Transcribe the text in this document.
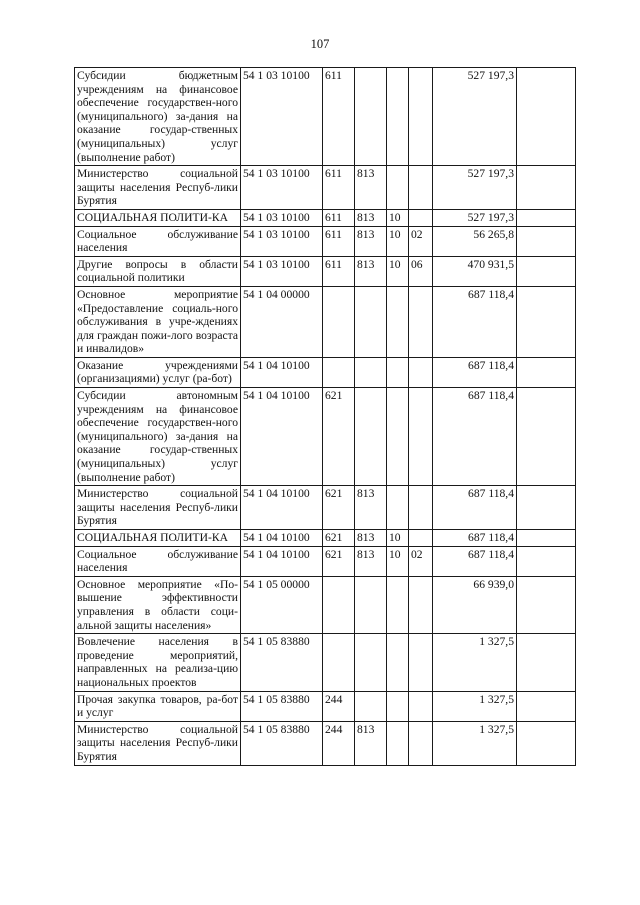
107
Субсидии бюджетным учреждениям на финансовое обеспечение государствен-ного (муниципального) за-дания на оказание государ-ственных (муниципальных) услуг (выполнение работ)	54 1 03 10100	611				527 197,3	
Министерство социальной защиты населения Респуб-лики Бурятия	54 1 03 10100	611	813			527 197,3	
СОЦИАЛЬНАЯ ПОЛИТИ-КА	54 1 03 10100	611	813	10		527 197,3	
Социальное обслуживание населения	54 1 03 10100	611	813	10	02	56 265,8	
Другие вопросы в области социальной политики	54 1 03 10100	611	813	10	06	470 931,5	
Основное мероприятие «Предоставление социаль-ного обслуживания в учре-ждениях для граждан пожи-лого возраста и инвалидов»	54 1 04 00000					687 118,4	
Оказание учреждениями (организациями) услуг (ра-бот)	54 1 04 10100					687 118,4	
Субсидии автономным учреждениям на финансовое обеспечение государствен-ного (муниципального) за-дания на оказание государ-ственных (муниципальных) услуг (выполнение работ)	54 1 04 10100	621				687 118,4	
Министерство социальной защиты населения Респуб-лики Бурятия	54 1 04 10100	621	813			687 118,4	
СОЦИАЛЬНАЯ ПОЛИТИ-КА	54 1 04 10100	621	813	10		687 118,4	
Социальное обслуживание населения	54 1 04 10100	621	813	10	02	687 118,4	
Основное мероприятие «По-вышение эффективности управления в области соци-альной защиты населения»	54 1 05 00000					66 939,0	
Вовлечение населения в проведение мероприятий, направленных на реализа-цию национальных проектов	54 1 05 83880					1 327,5	
Прочая закупка товаров, ра-бот и услуг	54 1 05 83880	244				1 327,5	
Министерство социальной защиты населения Респуб-лики Бурятия	54 1 05 83880	244	813			1 327,5	
